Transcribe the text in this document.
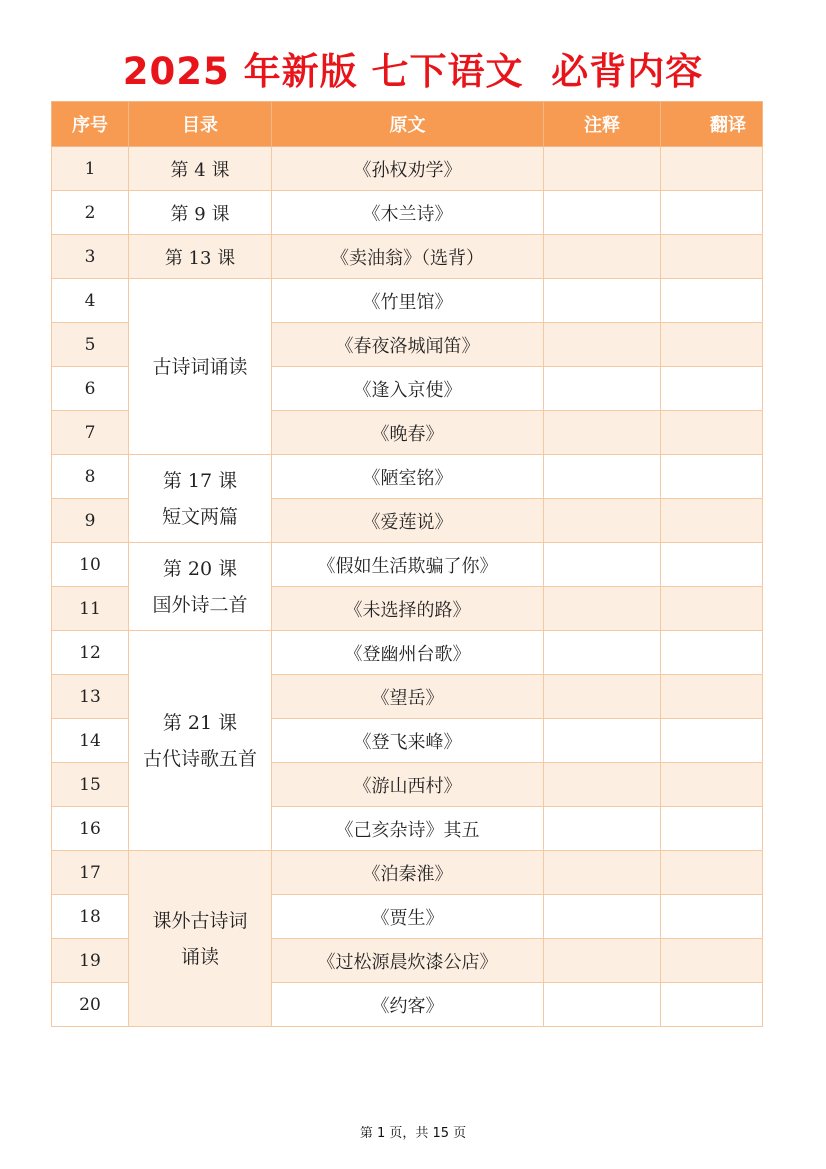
2025 年新版 七下语文  必背内容
序号	目录	原文	注释	翻译
1	第 4 课	《孙权劝学》		
2	第 9 课	《木兰诗》		
3	第 13 课	《卖油翁》（选背）		
4	古诗词诵读	《竹里馆》		
5		《春夜洛城闻笛》		
6		《逢入京使》		
7		《晚春》		
8	第 17 课
短文两篇	《陋室铭》		
9		《爱莲说》		
10	第 20 课
国外诗二首	《假如生活欺骗了你》		
11		《未选择的路》		
12	第 21 课
古代诗歌五首	《登幽州台歌》		
13		《望岳》		
14		《登飞来峰》		
15		《游山西村》		
16		《己亥杂诗》其五		
17	课外古诗词
诵读	《泊秦淮》		
18		《贾生》		
19		《过松源晨炊漆公店》		
20		《约客》		
第 1 页，共 15 页
